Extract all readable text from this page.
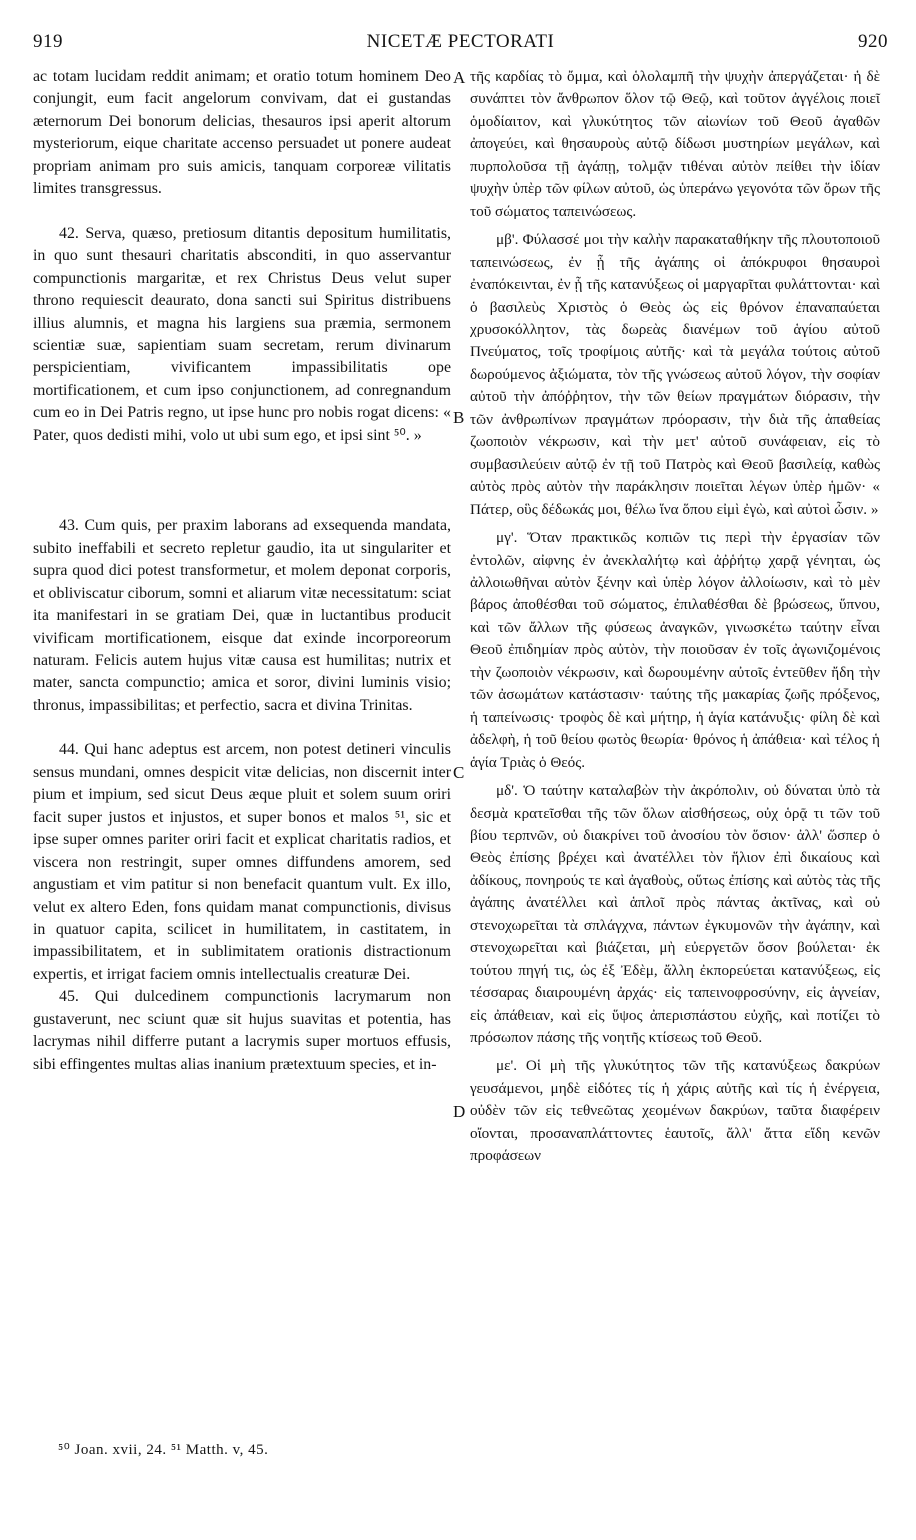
919	NICETÆ PECTORATI	920
ac totam lucidam reddit animam; et oratio totum hominem Deo conjungit, eum facit angelorum convivam, dat ei gustandas æternorum Dei bonorum delicias, thesauros ipsi aperit altorum mysteriorum, eique charitate accenso persuadet ut ponere audeat propriam animam pro suis amicis, tanquam corporeæ vilitatis limites transgressus.
42. Serva, quæso, pretiosum ditantis depositum humilitatis, in quo sunt thesauri charitatis absconditi, in quo asservantur compunctionis margaritæ, et rex Christus Deus velut super throno requiescit deaurato, dona sancti sui Spiritus distribuens illius alumnis, et magna his largiens sua præmia, sermonem scientiæ suæ, sapientiam suam secretam, rerum divinarum perspicientiam, vivificantem impassibilitatis ope mortificationem, et cum ipso conjunctionem, ad conregnandum cum eo in Dei Patris regno, ut ipse hunc pro nobis rogat dicens: « Pater, quos dedisti mihi, volo ut ubi sum ego, et ipsi sint ⁵⁰. »
43. Cum quis, per praxim laborans ad exsequenda mandata, subito ineffabili et secreto repletur gaudio, ita ut singulariter et supra quod dici potest transformetur, et molem deponat corporis, et obliviscatur ciborum, somni et aliarum vitæ necessitatum: sciat ita manifestari in se gratiam Dei, quæ in luctantibus producit vivificam mortificationem, eisque dat exinde incorporeorum naturam. Felicis autem hujus vitæ causa est humilitas; nutrix et mater, sancta compunctio; amica et soror, divini luminis visio; thronus, impassibilitas; et perfectio, sacra et divina Trinitas.
44. Qui hanc adeptus est arcem, non potest detineri vinculis sensus mundani, omnes despicit vitæ delicias, non discernit inter pium et impium, sed sicut Deus æque pluit et solem suum oriri facit super justos et injustos, et super bonos et malos ⁵¹, sic et ipse super omnes pariter oriri facit et explicat charitatis radios, et viscera non restringit, super omnes diffundens amorem, sed angustiam et vim patitur si non benefacit quantum vult. Ex illo, velut ex altero Eden, fons quidam manat compunctionis, divisus in quatuor capita, scilicet in humilitatem, in castitatem, in impassibilitatem, et in sublimitatem orationis distractionum expertis, et irrigat faciem omnis intellectualis creaturæ Dei.
45. Qui dulcedinem compunctionis lacrymarum non gustaverunt, nec sciunt quæ sit hujus suavitas et potentia, has lacrymas nihil differre putant a lacrymis super mortuos effusis, sibi effingentes multas alias inanium prætextuum species, et in-
A
B
C
D
τῆς καρδίας τὸ ὄμμα, καὶ ὁλολαμπῆ τὴν ψυχὴν ἀπεργάζεται· ἡ δὲ συνάπτει τὸν ἄνθρωπον ὅλον τῷ Θεῷ, καὶ τοῦτον ἀγγέλοις ποιεῖ ὁμοδίαιτον, καὶ γλυκύτητος τῶν αἰωνίων τοῦ Θεοῦ ἀγαθῶν ἀπογεύει, καὶ θησαυροὺς αὐτῷ δίδωσι μυστηρίων μεγάλων, καὶ πυρπολοῦσα τῇ ἀγάπῃ, τολμᾷν τιθέναι αὐτὸν πείθει τὴν ἰδίαν ψυχὴν ὑπὲρ τῶν φίλων αὐτοῦ, ὡς ὑπεράνω γεγονότα τῶν ὅρων τῆς τοῦ σώματος ταπεινώσεως.
μβ'. Φύλασσέ μοι τὴν καλὴν παρακαταθήκην τῆς πλουτοποιοῦ ταπεινώσεως, ἐν ᾗ τῆς ἀγάπης οἱ ἀπόκρυφοι θησαυροὶ ἐναπόκεινται, ἐν ᾗ τῆς κατανύξεως οἱ μαργαρῖται φυλάττονται· καὶ ὁ βασιλεὺς Χριστὸς ὁ Θεὸς ὡς εἰς θρόνον ἐπαναπαύεται χρυσοκόλλητον, τὰς δωρεὰς διανέμων τοῦ ἁγίου αὐτοῦ Πνεύματος, τοῖς τροφίμοις αὐτῆς· καὶ τὰ μεγάλα τούτοις αὐτοῦ δωρούμενος ἀξιώματα, τὸν τῆς γνώσεως αὐτοῦ λόγον, τὴν σοφίαν αὐτοῦ τὴν ἀπόῤῥητον, τὴν τῶν θείων πραγμάτων διόρασιν, τὴν τῶν ἀνθρωπίνων πραγμάτων πρόορασιν, τὴν διὰ τῆς ἀπαθείας ζωοποιὸν νέκρωσιν, καὶ τὴν μετ' αὐτοῦ συνάφειαν, εἰς τὸ συμβασιλεύειν αὐτῷ ἐν τῇ τοῦ Πατρὸς καὶ Θεοῦ βασιλείᾳ, καθὼς αὐτὸς πρὸς αὐτὸν τὴν παράκλησιν ποιεῖται λέγων ὑπὲρ ἡμῶν· « Πάτερ, οὓς δέδωκάς μοι, θέλω ἵνα ὅπου εἰμὶ ἐγὼ, καὶ αὐτοὶ ὦσιν. »
μγ'. Ὅταν πρακτικῶς κοπιῶν τις περὶ τὴν ἐργασίαν τῶν ἐντολῶν, αἰφνης ἐν ἀνεκλαλήτῳ καὶ ἀῤῥήτῳ χαρᾷ γένηται, ὡς ἀλλοιωθῆναι αὐτὸν ξένην καὶ ὑπὲρ λόγον ἀλλοίωσιν, καὶ τὸ μὲν βάρος ἀποθέσθαι τοῦ σώματος, ἐπιλαθέσθαι δὲ βρώσεως, ὕπνου, καὶ τῶν ἄλλων τῆς φύσεως ἀναγκῶν, γινωσκέτω ταύτην εἶναι Θεοῦ ἐπιδημίαν πρὸς αὐτὸν, τὴν ποιοῦσαν ἐν τοῖς ἀγωνιζομένοις τὴν ζωοποιὸν νέκρωσιν, καὶ δωρουμένην αὐτοῖς ἐντεῦθεν ἤδη τὴν τῶν ἀσωμάτων κατάστασιν· ταύτης τῆς μακαρίας ζωῆς πρόξενος, ἡ ταπείνωσις· τροφὸς δὲ καὶ μήτηρ, ἡ ἁγία κατάνυξις· φίλη δὲ καὶ ἀδελφὴ, ἡ τοῦ θείου φωτὸς θεωρία· θρόνος ἡ ἀπάθεια· καὶ τέλος ἡ ἁγία Τριὰς ὁ Θεός.
μδ'. Ὁ ταύτην καταλαβὼν τὴν ἀκρόπολιν, οὐ δύναται ὑπὸ τὰ δεσμὰ κρατεῖσθαι τῆς τῶν ὅλων αἰσθήσεως, οὐχ ὁρᾷ τι τῶν τοῦ βίου τερπνῶν, οὐ διακρίνει τοῦ ἀνοσίου τὸν ὅσιον· ἀλλ' ὥσπερ ὁ Θεὸς ἐπίσης βρέχει καὶ ἀνατέλλει τὸν ἥλιον ἐπὶ δικαίους καὶ ἀδίκους, πονηρούς τε καὶ ἀγαθοὺς, οὕτως ἐπίσης καὶ αὐτὸς τὰς τῆς ἀγάπης ἀνατέλλει καὶ ἁπλοῖ πρὸς πάντας ἀκτῖνας, καὶ οὐ στενοχωρεῖται τὰ σπλάγχνα, πάντων ἐγκυμονῶν τὴν ἀγάπην, καὶ στενοχωρεῖται καὶ βιάζεται, μὴ εὐεργετῶν ὅσον βούλεται· ἐκ τούτου πηγή τις, ὡς ἐξ Ἐδὲμ, ἄλλη ἐκπορεύεται κατανύξεως, εἰς τέσσαρας διαιρουμένη ἀρχάς· εἰς ταπεινοφροσύνην, εἰς ἁγνείαν, εἰς ἀπάθειαν, καὶ εἰς ὕψος ἀπερισπάστου εὐχῆς, καὶ ποτίζει τὸ πρόσωπον πάσης τῆς νοητῆς κτίσεως τοῦ Θεοῦ.
με'. Οἱ μὴ τῆς γλυκύτητος τῶν τῆς κατανύξεως δακρύων γευσάμενοι, μηδὲ εἰδότες τίς ἡ χάρις αὐτῆς καὶ τίς ἡ ἐνέργεια, οὐδὲν τῶν εἰς τεθνεῶτας χεομένων δακρύων, ταῦτα διαφέρειν οἴονται, προσαναπλάττοντες ἑαυτοῖς, ἄλλ' ἄττα εἴδη κενῶν προφάσεων
⁵⁰ Joan. xvii, 24. ⁵¹ Matth. v, 45.
